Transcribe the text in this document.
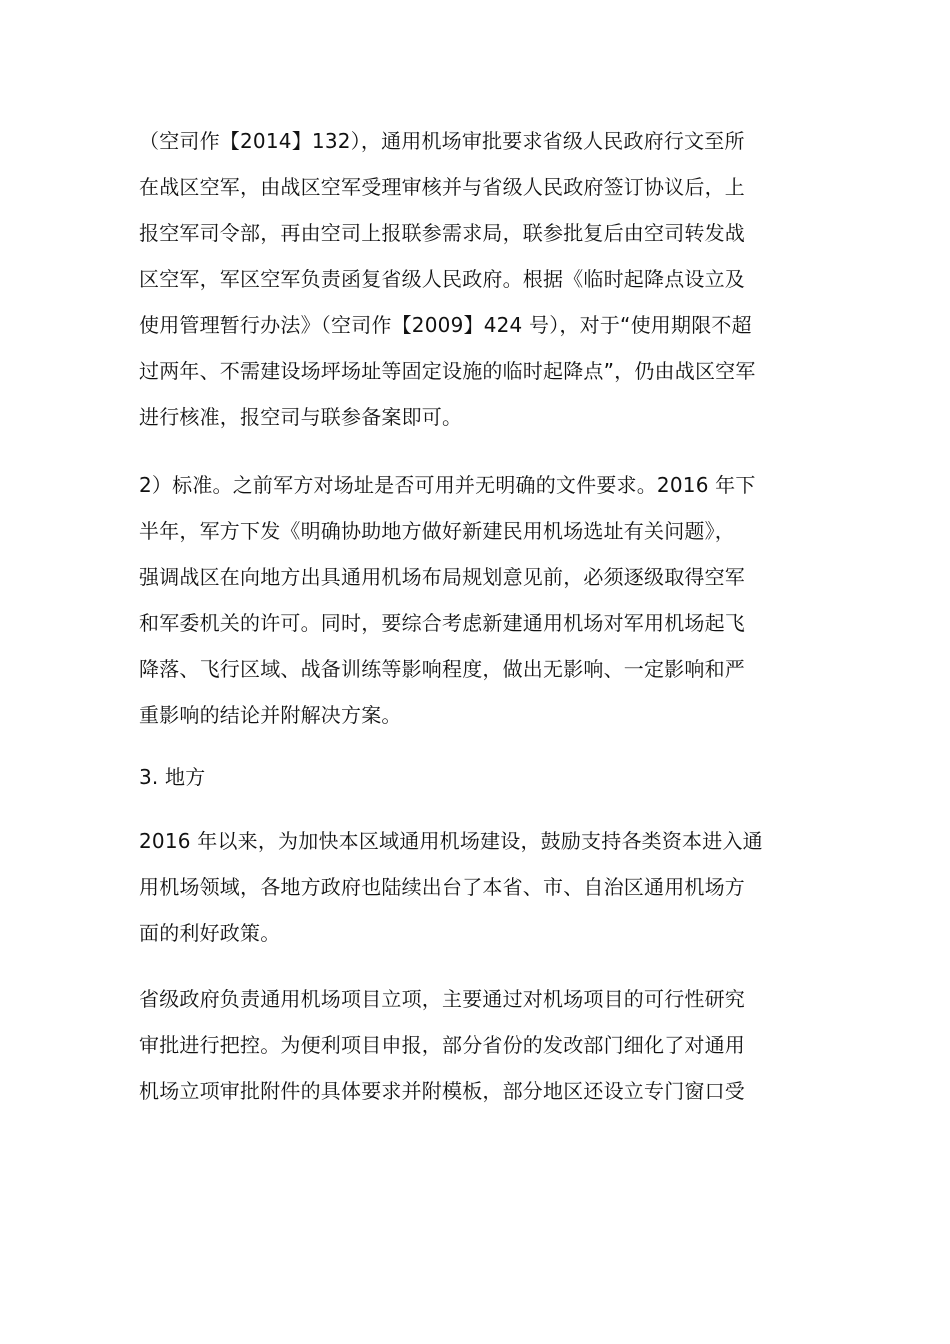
（空司作【2014】132），通用机场审批要求省级人民政府行文至所
在战区空军，由战区空军受理审核并与省级人民政府签订协议后，上
报空军司令部，再由空司上报联参需求局，联参批复后由空司转发战
区空军，军区空军负责函复省级人民政府。根据《临时起降点设立及
使用管理暂行办法》（空司作【2009】424 号），对于“使用期限不超
过两年、不需建设场坪场址等固定设施的临时起降点”，仍由战区空军
进行核准，报空司与联参备案即可。

2）标准。之前军方对场址是否可用并无明确的文件要求。2016 年下
半年，军方下发《明确协助地方做好新建民用机场选址有关问题》，
强调战区在向地方出具通用机场布局规划意见前，必须逐级取得空军
和军委机关的许可。同时，要综合考虑新建通用机场对军用机场起飞
降落、飞行区域、战备训练等影响程度，做出无影响、一定影响和严
重影响的结论并附解决方案。

3. 地方

2016 年以来，为加快本区域通用机场建设，鼓励支持各类资本进入通
用机场领域，各地方政府也陆续出台了本省、市、自治区通用机场方
面的利好政策。

省级政府负责通用机场项目立项，主要通过对机场项目的可行性研究
审批进行把控。为便利项目申报，部分省份的发改部门细化了对通用
机场立项审批附件的具体要求并附模板，部分地区还设立专门窗口受
